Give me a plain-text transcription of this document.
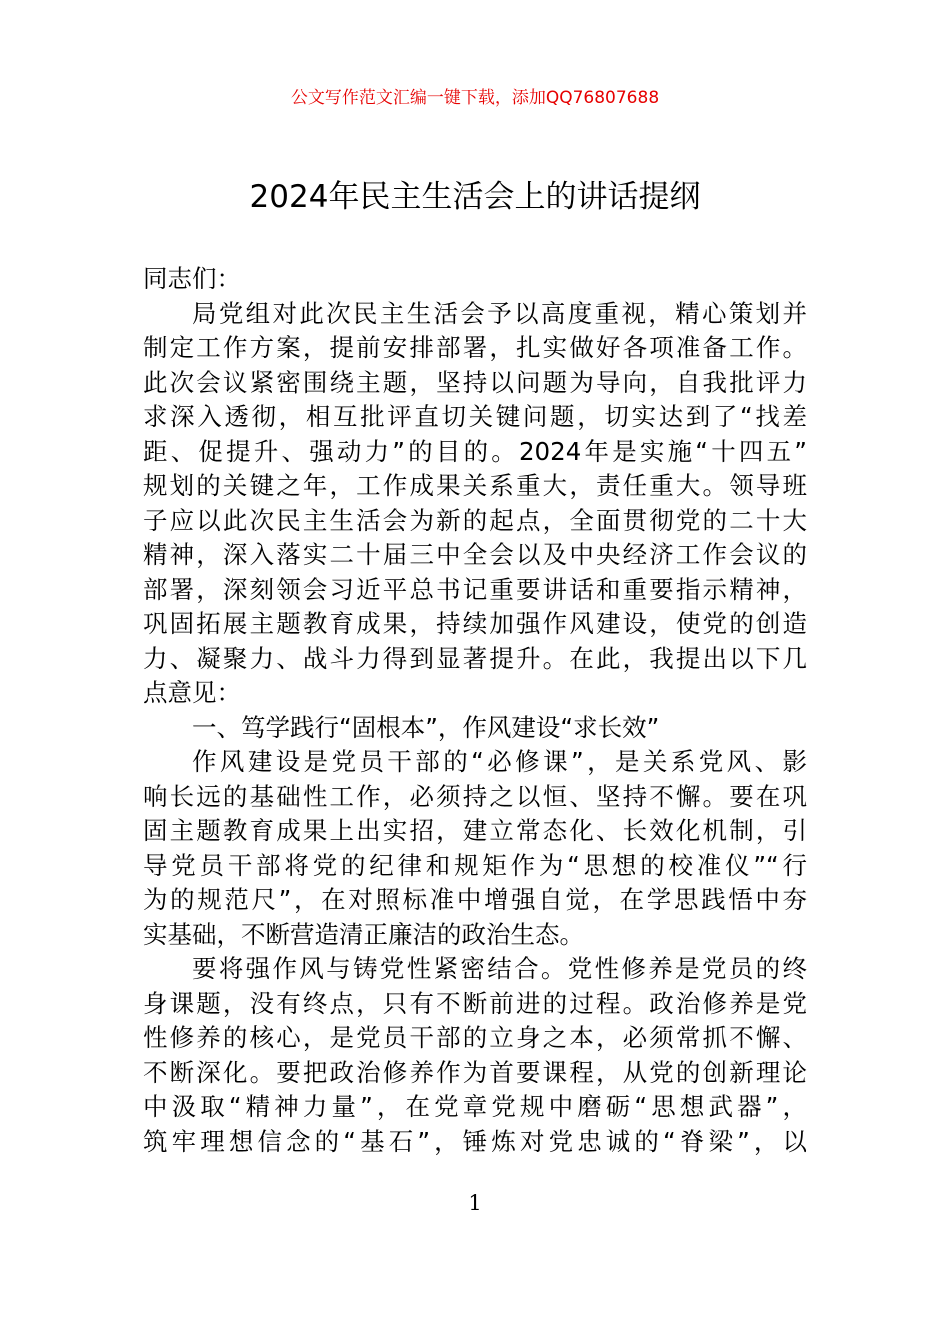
公文写作范文汇编一键下载，添加QQ76807688
2024年民主生活会上的讲话提纲
同志们：
局党组对此次民主生活会予以高度重视，精心策划并
制定工作方案，提前安排部署，扎实做好各项准备工作。
此次会议紧密围绕主题，坚持以问题为导向，自我批评力
求深入透彻，相互批评直切关键问题，切实达到了“找差
距、促提升、强动力”的目的。2024年是实施“十四五”
规划的关键之年，工作成果关系重大，责任重大。领导班
子应以此次民主生活会为新的起点，全面贯彻党的二十大
精神，深入落实二十届三中全会以及中央经济工作会议的
部署，深刻领会习近平总书记重要讲话和重要指示精神，
巩固拓展主题教育成果，持续加强作风建设，使党的创造
力、凝聚力、战斗力得到显著提升。在此，我提出以下几
点意见：
一、笃学践行“固根本”，作风建设“求长效”
作风建设是党员干部的“必修课”，是关系党风、影
响长远的基础性工作，必须持之以恒、坚持不懈。要在巩
固主题教育成果上出实招，建立常态化、长效化机制，引
导党员干部将党的纪律和规矩作为“思想的校准仪”“行
为的规范尺”，在对照标准中增强自觉，在学思践悟中夯
实基础，不断营造清正廉洁的政治生态。
要将强作风与铸党性紧密结合。党性修养是党员的终
身课题，没有终点，只有不断前进的过程。政治修养是党
性修养的核心，是党员干部的立身之本，必须常抓不懈、
不断深化。要把政治修养作为首要课程，从党的创新理论
中汲取“精神力量”，在党章党规中磨砺“思想武器”，
筑牢理想信念的“基石”，锤炼对党忠诚的“脊梁”，以
1
